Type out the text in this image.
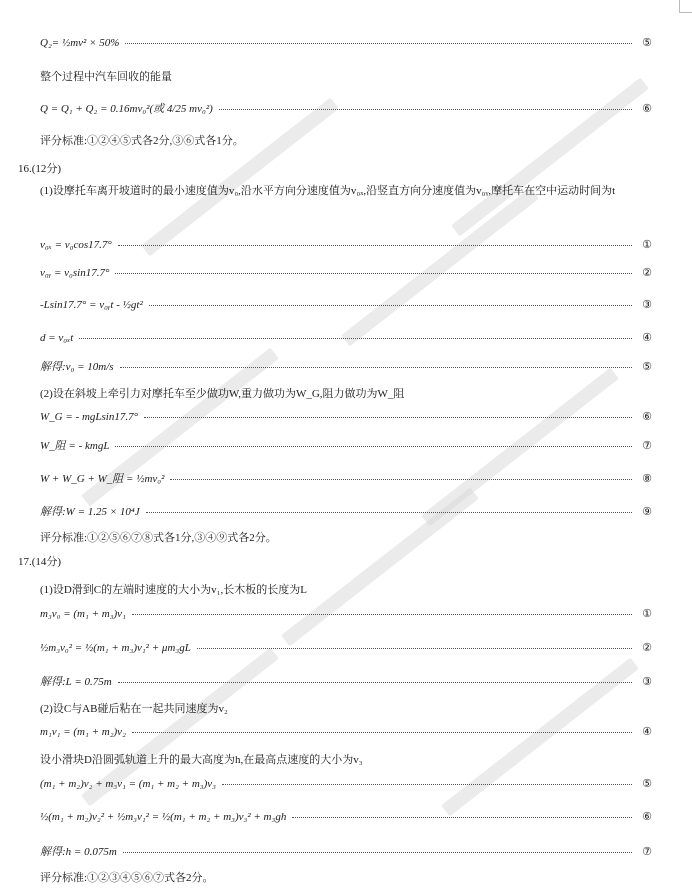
Q₂= ½mv² × 50%	⑤
整个过程中汽车回收的能量
Q = Q₁ + Q₂ = 0.16mv₀²(或 4/25 mv₀²)	⑥
评分标准:①②④⑤式各2分,③⑥式各1分。
16.(12分)
(1)设摩托车离开坡道时的最小速度值为v₀,沿水平方向分速度值为v₀ₓ,沿竖直方向分速度值为v₀ᵧ,摩托车在空中运动时间为t
v₀ₓ = v₀cos17.7°	①
v₀ᵧ = v₀sin17.7°	②
-Lsin17.7° = v₀ᵧt - ½gt²	③
d = v₀ₓt	④
解得:v₀ = 10m/s	⑤
(2)设在斜坡上牵引力对摩托车至少做功W,重力做功为W_G,阻力做功为W_阻
W_G = - mgLsin17.7°	⑥
W_阻 = - kmgL	⑦
W + W_G + W_阻 = ½mv₀²	⑧
解得:W = 1.25 × 10⁴J	⑨
评分标准:①②⑤⑥⑦⑧式各1分,③④⑨式各2分。
17.(14分)
(1)设D滑到C的左端时速度的大小为v₁,长木板的长度为L
m₃v₀ = (m₁ + m₃)v₁	①
½m₃v₀² = ½(m₁ + m₃)v₁² + μm₃gL	②
解得:L = 0.75m	③
(2)设C与AB碰后粘在一起共同速度为v₂
m₁v₁ = (m₁ + m₂)v₂	④
设小滑块D沿圆弧轨道上升的最大高度为h,在最高点速度的大小为v₃
(m₁ + m₂)v₂ + m₃v₁ = (m₁ + m₂ + m₃)v₃	⑤
½(m₁ + m₂)v₂² + ½m₃v₁² = ½(m₁ + m₂ + m₃)v₃² + m₃gh	⑥
解得:h = 0.075m	⑦
评分标准:①②③④⑤⑥⑦式各2分。
